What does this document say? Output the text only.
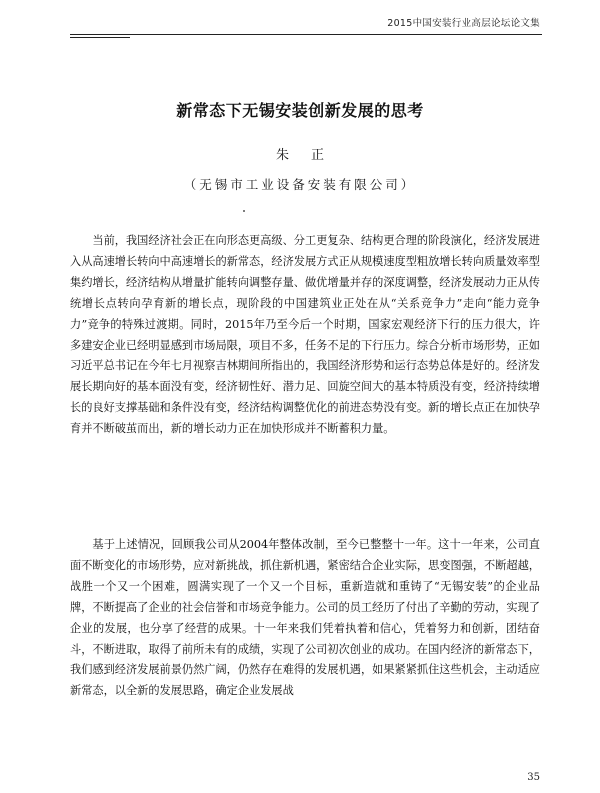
2015中国安装行业高层论坛论文集
新常态下无锡安装创新发展的思考
朱正
（无锡市工业设备安装有限公司）

当前，我国经济社会正在向形态更高级、分工更复杂、结构更合理的阶段演化，经济发展进入从高速增长转向中高速增长的新常态，经济发展方式正从规模速度型粗放增长转向质量效率型集约增长，经济结构从增量扩能转向调整存量、做优增量并存的深度调整，经济发展动力正从传统增长点转向孕育新的增长点，现阶段的中国建筑业正处在从“关系竞争力”走向“能力竞争力”竞争的特殊过渡期。同时，2015年乃至今后一个时期，国家宏观经济下行的压力很大，许多建安企业已经明显感到市场局限，项目不多，任务不足的下行压力。综合分析市场形势，正如习近平总书记在今年七月视察吉林期间所指出的，我国经济形势和运行态势总体是好的。经济发展长期向好的基本面没有变，经济韧性好、潜力足、回旋空间大的基本特质没有变，经济持续增长的良好支撑基础和条件没有变，经济结构调整优化的前进态势没有变。新的增长点正在加快孕育并不断破茧而出，新的增长动力正在加快形成并不断蓄积力量。

基于上述情况，回顾我公司从2004年整体改制，至今已整整十一年。这十一年来，公司直面不断变化的市场形势，应对新挑战，抓住新机遇，紧密结合企业实际，思变图强，不断超越，战胜一个又一个困难，圆满实现了一个又一个目标，重新造就和重铸了“无锡安装”的企业品牌，不断提高了企业的社会信誉和市场竞争能力。公司的员工经历了付出了辛勤的劳动，实现了企业的发展，也分享了经营的成果。十一年来我们凭着执着和信心，凭着努力和创新，团结奋斗，不断进取，取得了前所未有的成绩，实现了公司初次创业的成功。在国内经济的新常态下，我们感到经济发展前景仍然广阔，仍然存在难得的发展机遇，如果紧紧抓住这些机会，主动适应新常态，以全新的发展思路，确定企业发展战

35
